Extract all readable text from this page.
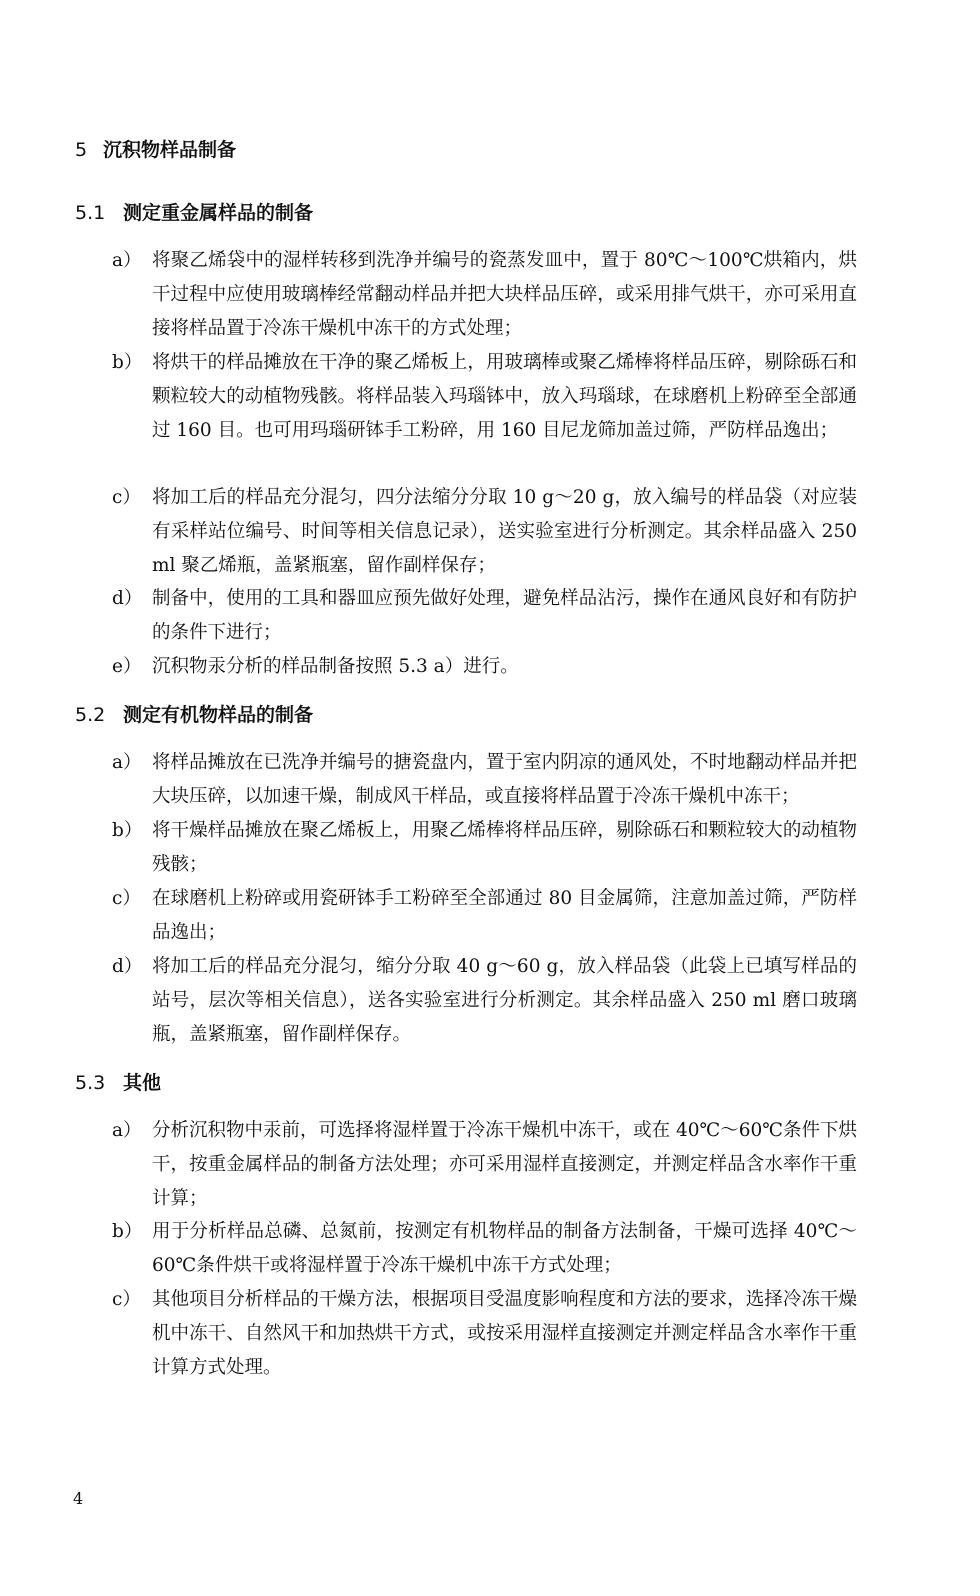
5 沉积物样品制备
5.1 测定重金属样品的制备
a） 将聚乙烯袋中的湿样转移到洗净并编号的瓷蒸发皿中，置于 80℃～100℃烘箱内，烘干过程中应使用玻璃棒经常翻动样品并把大块样品压碎，或采用排气烘干，亦可采用直接将样品置于冷冻干燥机中冻干的方式处理；
b） 将烘干的样品摊放在干净的聚乙烯板上，用玻璃棒或聚乙烯棒将样品压碎，剔除砾石和颗粒较大的动植物残骸。将样品装入玛瑙钵中，放入玛瑙球，在球磨机上粉碎至全部通过 160 目。也可用玛瑙研钵手工粉碎，用 160 目尼龙筛加盖过筛，严防样品逸出；
c） 将加工后的样品充分混匀，四分法缩分分取 10 g～20 g，放入编号的样品袋（对应装有采样站位编号、时间等相关信息记录），送实验室进行分析测定。其余样品盛入 250 ml 聚乙烯瓶，盖紧瓶塞，留作副样保存；
d） 制备中，使用的工具和器皿应预先做好处理，避免样品沾污，操作在通风良好和有防护的条件下进行；
e） 沉积物汞分析的样品制备按照 5.3 a）进行。
5.2 测定有机物样品的制备
a） 将样品摊放在已洗净并编号的搪瓷盘内，置于室内阴凉的通风处，不时地翻动样品并把大块压碎，以加速干燥，制成风干样品，或直接将样品置于冷冻干燥机中冻干；
b） 将干燥样品摊放在聚乙烯板上，用聚乙烯棒将样品压碎，剔除砾石和颗粒较大的动植物残骸；
c） 在球磨机上粉碎或用瓷研钵手工粉碎至全部通过 80 目金属筛，注意加盖过筛，严防样品逸出；
d） 将加工后的样品充分混匀，缩分分取 40 g～60 g，放入样品袋（此袋上已填写样品的站号，层次等相关信息），送各实验室进行分析测定。其余样品盛入 250 ml 磨口玻璃瓶，盖紧瓶塞，留作副样保存。
5.3 其他
a） 分析沉积物中汞前，可选择将湿样置于冷冻干燥机中冻干，或在 40℃～60℃条件下烘干，按重金属样品的制备方法处理；亦可采用湿样直接测定，并测定样品含水率作干重计算；
b） 用于分析样品总磷、总氮前，按测定有机物样品的制备方法制备，干燥可选择 40℃～60℃条件烘干或将湿样置于冷冻干燥机中冻干方式处理；
c） 其他项目分析样品的干燥方法，根据项目受温度影响程度和方法的要求，选择冷冻干燥机中冻干、自然风干和加热烘干方式，或按采用湿样直接测定并测定样品含水率作干重计算方式处理。
4
